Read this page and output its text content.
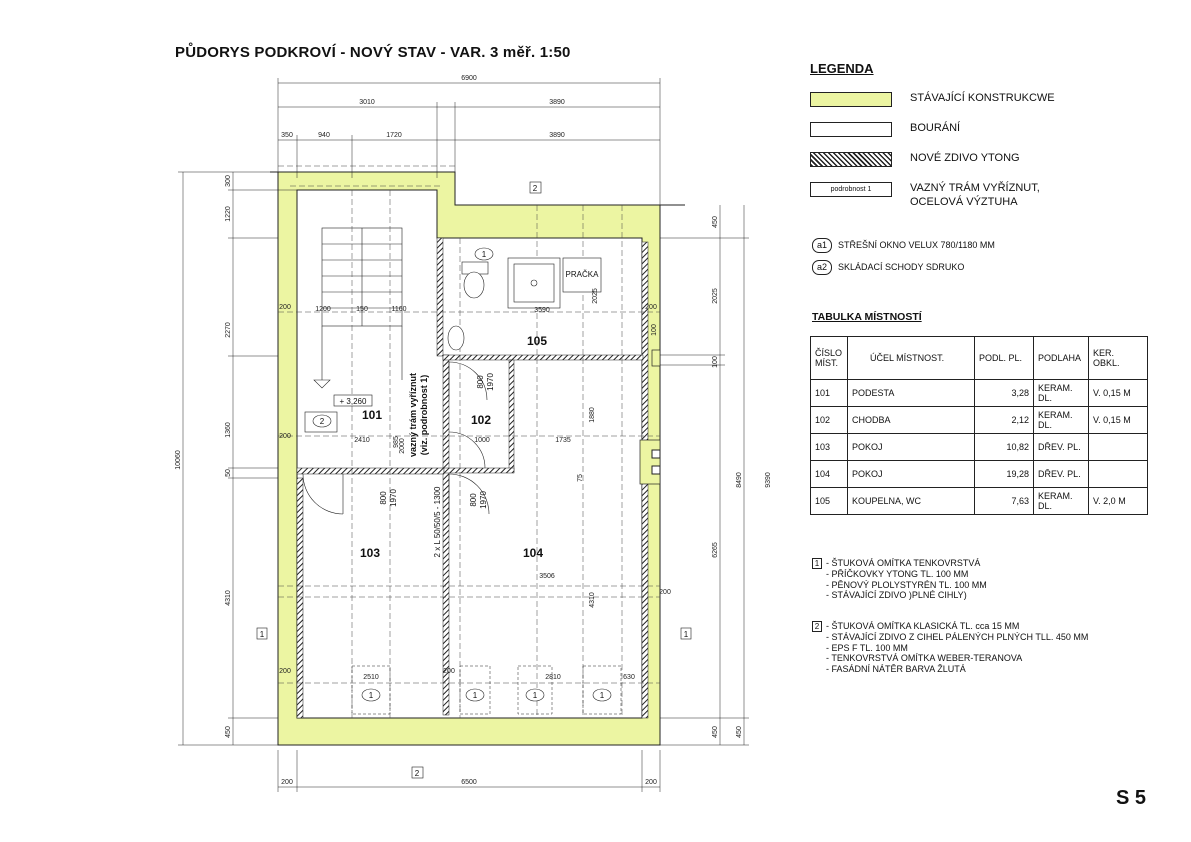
PŮDORYS PODKROVÍ - NOVÝ STAV - VAR. 3 měř. 1:50
6900
3010	3890
350	940	1720	3890
200	6500	200
300
1220
2270
1360
50
4310
450
10060
450
2025
100
6265
450
8490
450
9390
3590
1200	150	1160
2410	985	1000	1735
3506
2510	2810	630
2025
1880
4310
75
200
100
2000
200
200
200	200
200
101	102
103	104
105
800 1970	800 1970
800 1970
+ 3,260	vazný trám vyříznut (viz. podrobnost 1)
2 x L 50/50/5 - 1300
PRAČKA
2
2
1	1
1
2
1	1	1	1
LEGENDA
STÁVAJÍCÍ KONSTRUKCWE
BOURÁNÍ
NOVÉ ZDIVO YTONG
podrobnost 1	VAZNÝ TRÁM VYŘÍZNUT,
OCELOVÁ VÝZTUHA
a1 STŘEŠNÍ OKNO VELUX 780/1180 MM
a2 SKLÁDACÍ SCHODY SDRUKO
TABULKA MÍSTNOSTÍ
ČÍSLO MÍST.	ÚČEL MÍSTNOST.	PODL. PL.	PODLAHA	KER. OBKL.
101	PODESTA	3,28	KERAM. DL.	V. 0,15 M
102	CHODBA	2,12	KERAM. DL.	V. 0,15 M
103	POKOJ	10,82	DŘEV. PL.	
104	POKOJ	19,28	DŘEV. PL.	
105	KOUPELNA, WC	7,63	KERAM. DL.	V. 2,0 M
1 - ŠTUKOVÁ OMÍTKA TENKOVRSTVÁ
- PŘÍČKOVKY YTONG TL. 100 MM
- PĚNOVÝ PLOLYSTYRÉN TL. 100 MM
- STÁVAJÍCÍ ZDIVO )PLNÉ CIHLY)
2 - ŠTUKOVÁ OMÍTKA KLASICKÁ TL. cca 15 MM
- STÁVAJÍCÍ ZDIVO Z CIHEL PÁLENÝCH PLNÝCH TLL. 450 MM
- EPS F TL. 100 MM
- TENKOVRSTVÁ OMÍTKA WEBER-TERANOVA
- FASÁDNÍ NÁTĚR BARVA ŽLUTÁ
S 5
